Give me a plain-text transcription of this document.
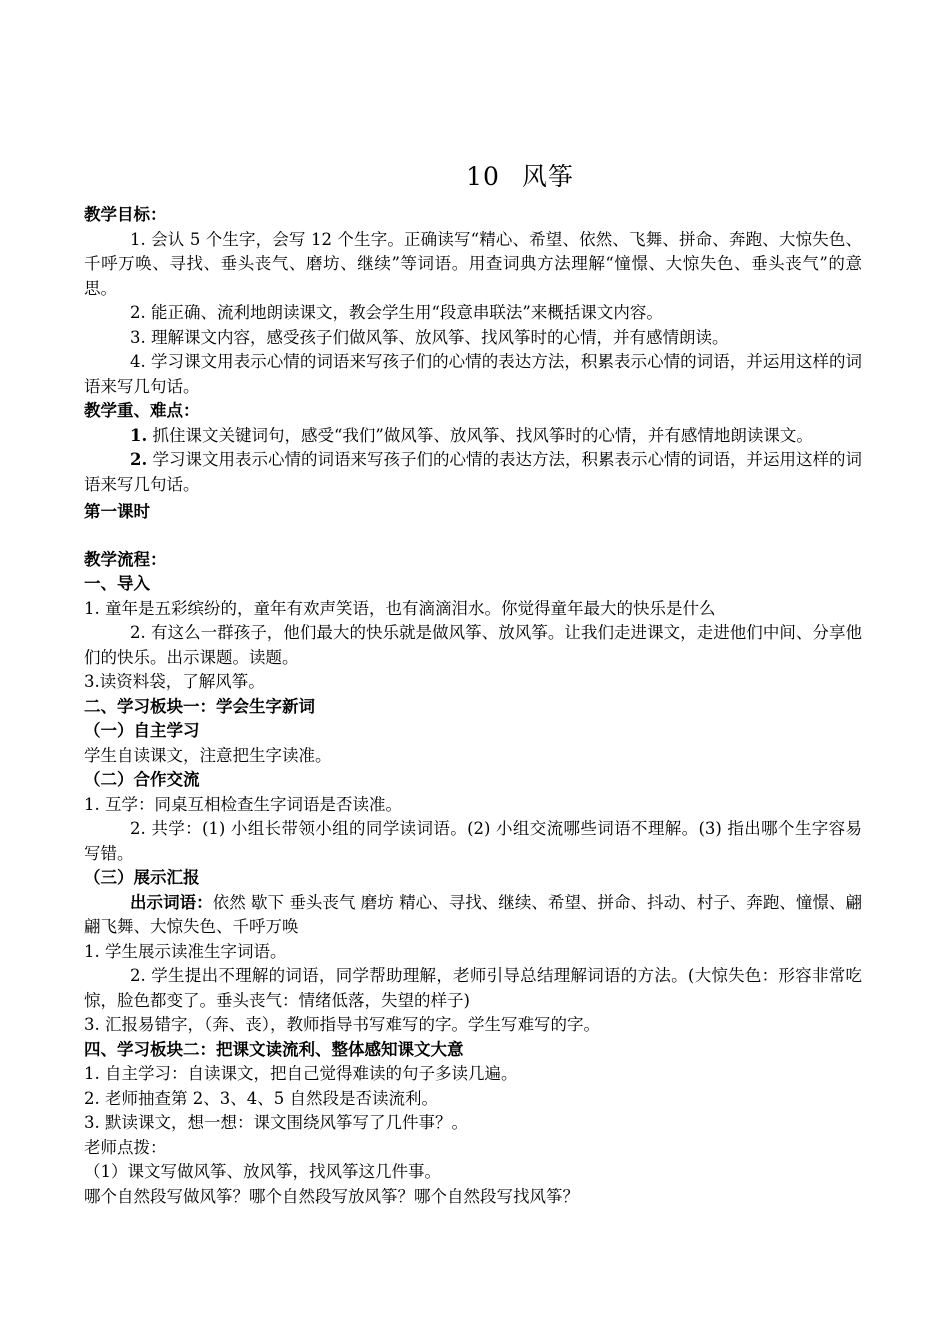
10 风筝

教学目标：

1. 会认 5 个生字，会写 12 个生字。正确读写“精心、希望、依然、飞舞、拼命、奔跑、大惊失色、千呼万唤、寻找、垂头丧气、磨坊、继续”等词语。用查词典方法理解“憧憬、大惊失色、垂头丧气”的意思。

2. 能正确、流利地朗读课文，教会学生用“段意串联法”来概括课文内容。

3. 理解课文内容，感受孩子们做风筝、放风筝、找风筝时的心情，并有感情朗读。

4. 学习课文用表示心情的词语来写孩子们的心情的表达方法，积累表示心情的词语，并运用这样的词语来写几句话。

教学重、难点：

1. 抓住课文关键词句，感受“我们”做风筝、放风筝、找风筝时的心情，并有感情地朗读课文。

2. 学习课文用表示心情的词语来写孩子们的心情的表达方法，积累表示心情的词语，并运用这样的词语来写几句话。

第一课时

教学流程：

一、导入

1. 童年是五彩缤纷的，童年有欢声笑语，也有滴滴泪水。你觉得童年最大的快乐是什么

2. 有这么一群孩子，他们最大的快乐就是做风筝、放风筝。让我们走进课文，走进他们中间、分享他们的快乐。出示课题。读题。

3.读资料袋，了解风筝。

二、学习板块一：学会生字新词

（一）自主学习

学生自读课文，注意把生字读准。

（二）合作交流

1. 互学：同桌互相检查生字词语是否读准。

2. 共学：(1) 小组长带领小组的同学读词语。(2) 小组交流哪些词语不理解。(3) 指出哪个生字容易写错。

（三）展示汇报

出示词语：依然 歇下 垂头丧气 磨坊 精心、寻找、继续、希望、拼命、抖动、村子、奔跑、憧憬、翩翩飞舞、大惊失色、千呼万唤

1. 学生展示读准生字词语。

2. 学生提出不理解的词语，同学帮助理解，老师引导总结理解词语的方法。(大惊失色：形容非常吃惊，脸色都变了。垂头丧气：情绪低落，失望的样子)

3. 汇报易错字，（奔、丧），教师指导书写难写的字。学生写难写的字。

四、学习板块二：把课文读流利、整体感知课文大意

1. 自主学习：自读课文，把自己觉得难读的句子多读几遍。

2. 老师抽查第 2、3、4、5 自然段是否读流利。

3. 默读课文，想一想：课文围绕风筝写了几件事？。

老师点拨：

（1）课文写做风筝、放风筝，找风筝这几件事。

哪个自然段写做风筝？哪个自然段写放风筝？哪个自然段写找风筝？
